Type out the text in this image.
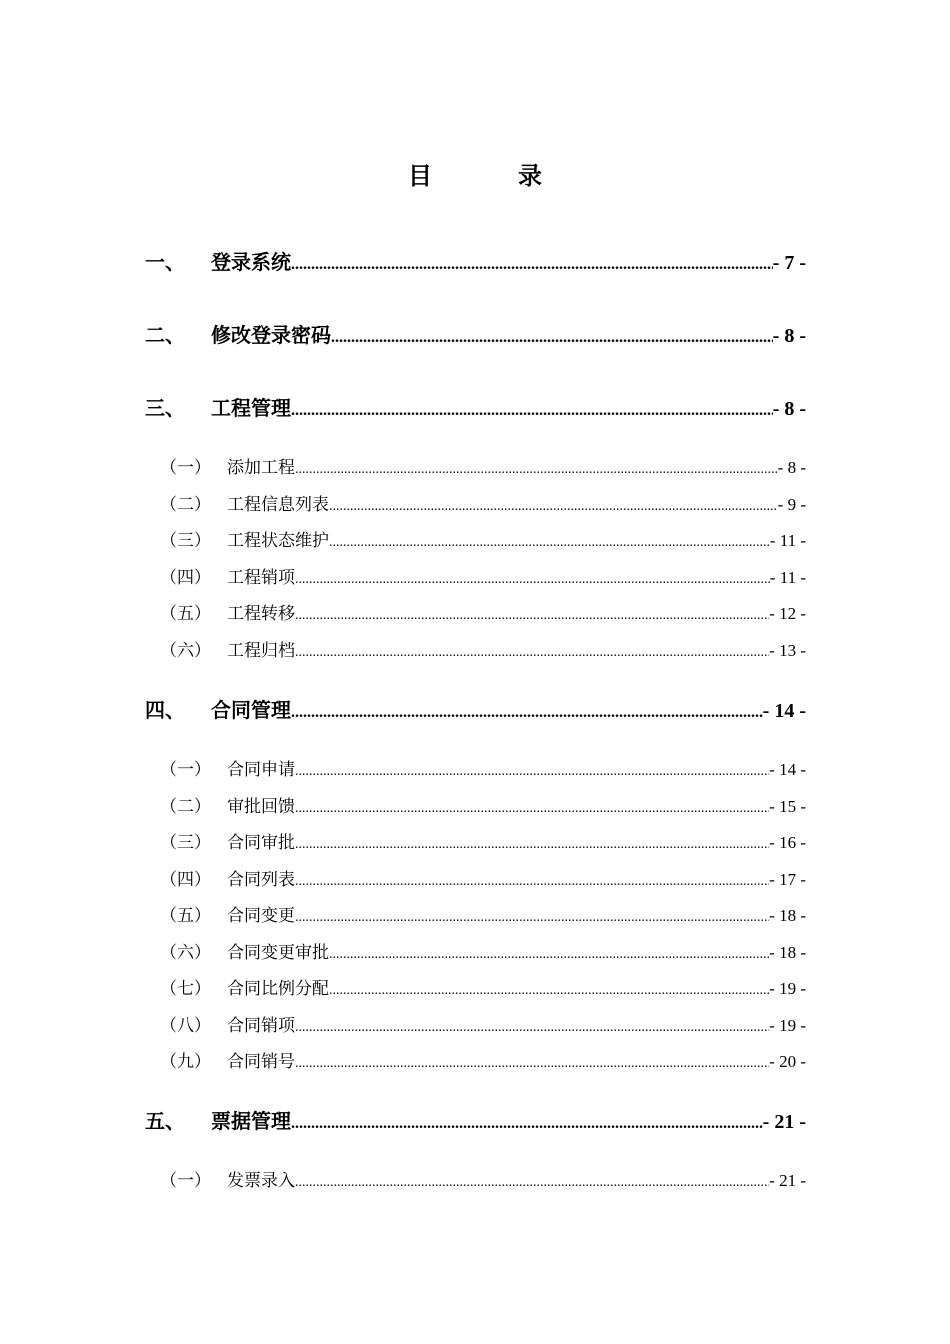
目 录
一、	登录系统 .....	- 7 -
二、	修改登录密码 .....	- 8 -
三、	工程管理 .....	- 8 -
（一） 添加工程 .....	- 8 -
（二） 工程信息列表 .....	- 9 -
（三） 工程状态维护 .....	- 11 -
（四） 工程销项 .....	- 11 -
（五） 工程转移 .....	- 12 -
（六） 工程归档 .....	- 13 -
四、	合同管理 .....	- 14 -
（一） 合同申请 .....	- 14 -
（二） 审批回馈 .....	- 15 -
（三） 合同审批 .....	- 16 -
（四） 合同列表 .....	- 17 -
（五） 合同变更 .....	- 18 -
（六） 合同变更审批 .....	- 18 -
（七） 合同比例分配 .....	- 19 -
（八） 合同销项 .....	- 19 -
（九） 合同销号 .....	- 20 -
五、	票据管理 .....	- 21 -
（一） 发票录入 .....	- 21 -
